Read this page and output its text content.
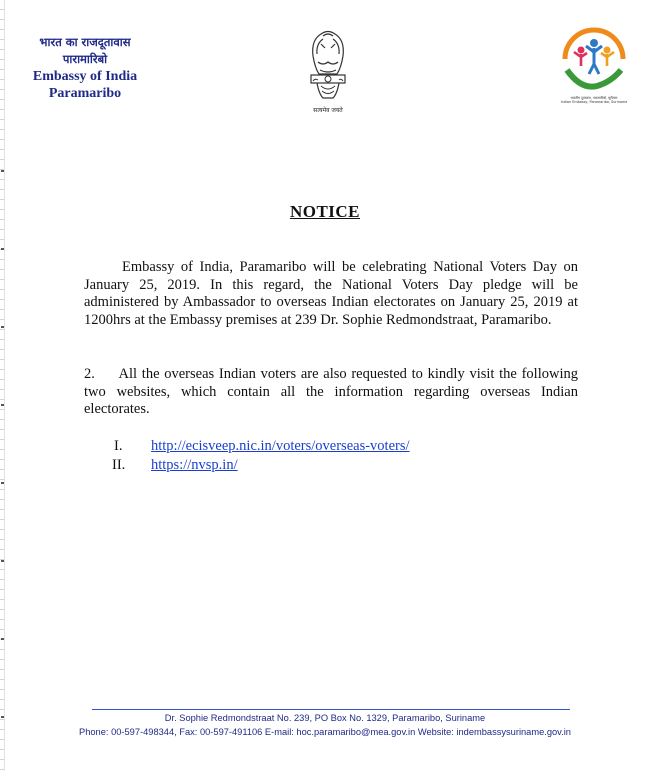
भारत का राजदूतावास
पारामारिबो
Embassy of India
Paramaribo
सत्यमेव जयते
भारतीय दूतावास, पारामारिबो, सूरीनाम
Indian Embassy, Paramaribo, Suriname
NOTICE
Embassy of India, Paramaribo will be celebrating National Voters Day on January 25, 2019. In this regard, the National Voters Day pledge will be administered by Ambassador to overseas Indian electorates on January 25, 2019 at 1200hrs at the Embassy premises at 239 Dr. Sophie Redmondstraat, Paramaribo.
2.     All the overseas Indian voters are also requested to kindly visit the following two websites, which contain all the information regarding overseas Indian electorates.
I.	http://ecisveep.nic.in/voters/overseas-voters/
II.	https://nvsp.in/
Dr. Sophie Redmondstraat No. 239, PO Box No. 1329, Paramaribo, Suriname
Phone: 00-597-498344, Fax: 00-597-491106 E-mail: hoc.paramaribo@mea.gov.in Website: indembassysuriname.gov.in
